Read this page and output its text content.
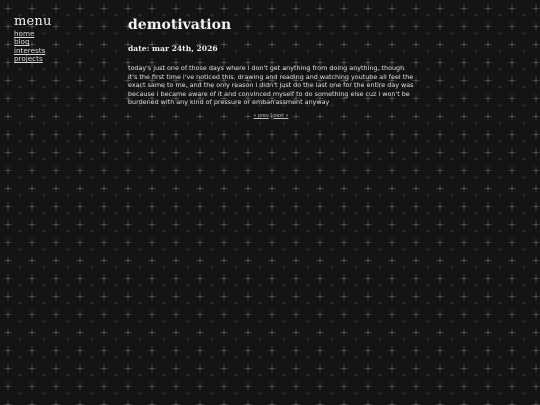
menu
home
blog
interests
projects
demotivation
date: mar 24th, 2026

today's just one of those days where i don't get anything from doing anything, though it's the first time i've noticed this. drawing and reading and watching youtube all feel the exact same to me, and the only reason i didn't just do the last one for the entire day was because i became aware of it and convinced myself to do something else cuz i won't be burdened with any kind of pressure or embarrassment anyway

« prev | next »
